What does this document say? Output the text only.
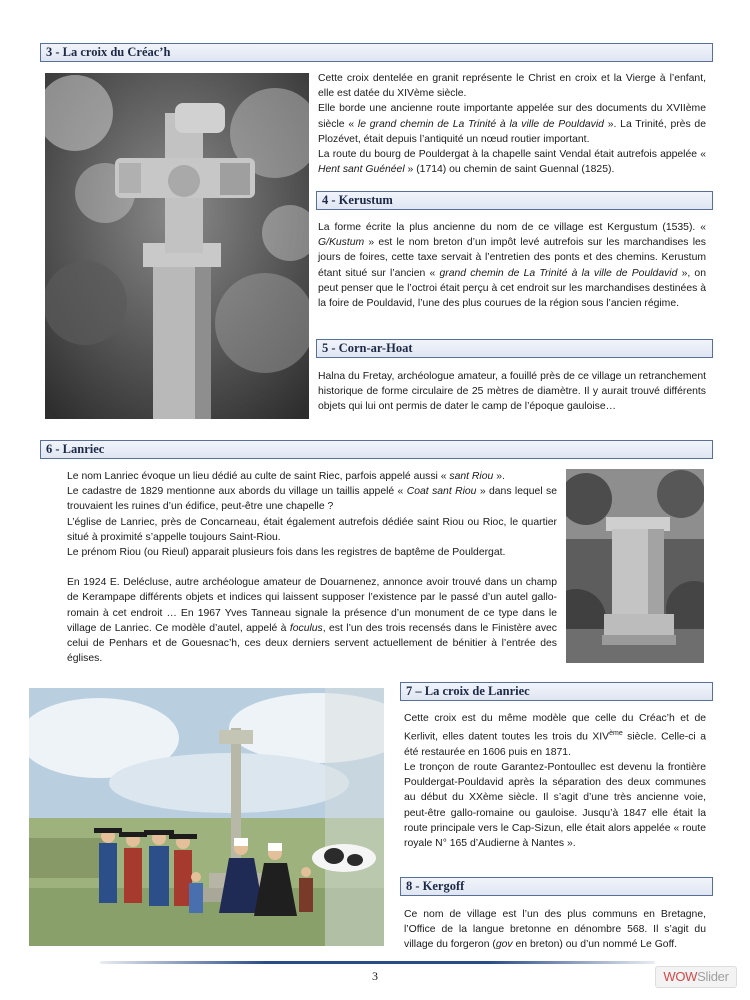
3 - La croix du Créac’h

Cette croix dentelée en granit représente le Christ en croix et la Vierge à l’enfant, elle est datée du XIVème siècle.

Elle borde une ancienne route importante appelée sur des documents du XVIIème siècle « le grand chemin de La Trinité à la ville de Pouldavid ». La Trinité, près de Plozévet, était depuis l’antiquité un nœud routier important.

La route du bourg de Pouldergat à la chapelle saint Vendal était autrefois appelée « Hent sant Guénéel » (1714) ou chemin de saint Guennal (1825).

4 - Kerustum

La forme écrite la plus ancienne du nom de ce village est Kergustum (1535). « G/Kustum » est le nom breton d’un impôt levé autrefois sur les marchandises les jours de foires, cette taxe servait à l’entretien des ponts et des chemins. Kerustum étant situé sur l’ancien « grand chemin de La Trinité à la ville de Pouldavid », on peut penser que le l’octroi était perçu à cet endroit sur les marchandises destinées à la foire de Pouldavid, l’une des plus courues de la région sous l’ancien régime.

5 - Corn-ar-Hoat

Halna du Fretay, archéologue amateur, a fouillé près de ce village un retranchement historique de forme circulaire de 25 mètres de diamètre. Il y aurait trouvé différents objets qui lui ont permis de dater le camp de l’époque gauloise…

6 - Lanriec

Le nom Lanriec évoque un lieu dédié au culte de saint Riec, parfois appelé aussi « sant Riou ».

Le cadastre de 1829 mentionne aux abords du village un taillis appelé « Coat sant Riou » dans lequel se trouvaient les ruines d’un édifice, peut-être une chapelle ?

L’église de Lanriec, près de Concarneau, était également autrefois dédiée saint Riou ou Rioc, le quartier situé à proximité s’appelle toujours Saint-Riou.

Le prénom Riou (ou Rieul) apparait plusieurs fois dans les registres de baptême de Pouldergat.

En 1924 E. Delécluse, autre archéologue amateur de Douarnenez, annonce avoir trouvé dans un champ de Kerampape différents objets et indices qui laissent supposer l’existence par le passé d’un autel gallo-romain à cet endroit … En 1967 Yves Tanneau signale la présence d’un monument de ce type dans le village de Lanriec. Ce modèle d’autel, appelé à foculus, est l’un des trois recensés dans le Finistère avec celui de Penhars et de Gouesnac’h, ces deux derniers servent actuellement de bénitier à l’entrée des églises.

7 – La croix de Lanriec

Cette croix est du même modèle que celle du Créac’h et de Kerlivit, elles datent toutes les trois du XIVème siècle. Celle-ci a été restaurée en 1606 puis en 1871.

Le tronçon de route Garantez-Pontoullec est devenu la frontière Pouldergat-Pouldavid après la séparation des deux communes au début du XXème siècle. Il s’agit d’une très ancienne voie, peut-être gallo-romaine ou gauloise. Jusqu’à 1847 elle était la route principale vers le Cap-Sizun, elle était alors appelée « route royale N° 165 d’Audierne à Nantes ».

8 - Kergoff

Ce nom de village est l’un des plus communs en Bretagne, l’Office de la langue bretonne en dénombre 568. Il s’agit du village du forgeron (gov en breton) ou d’un nommé Le Goff.

3	WOWSlider
